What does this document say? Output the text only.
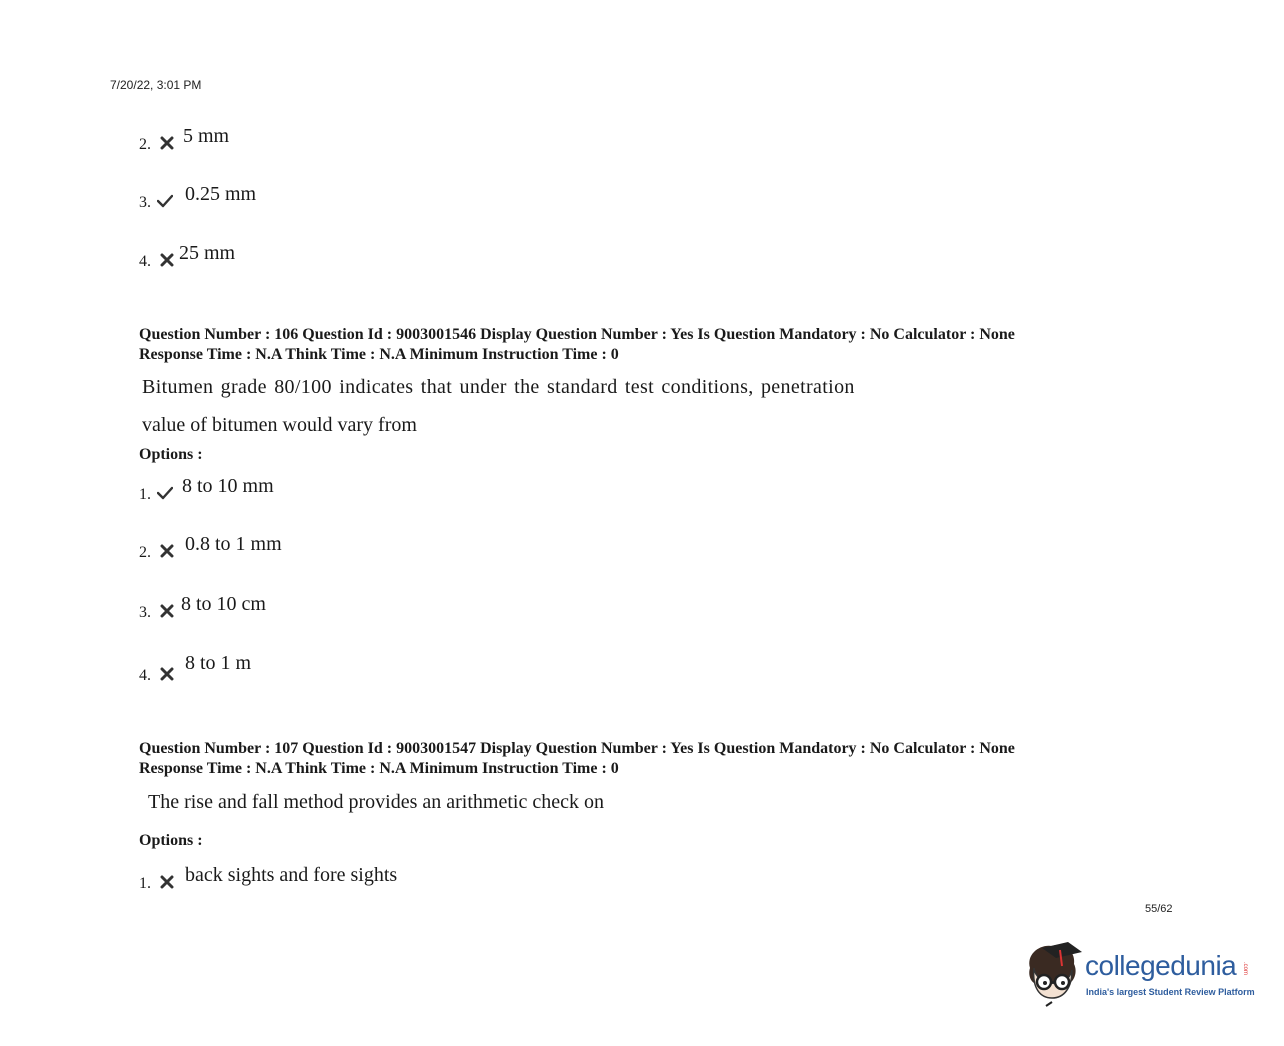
7/20/22, 3:01 PM
2. 5 mm
3. 0.25 mm
4. 25 mm
Question Number : 106 Question Id : 9003001546 Display Question Number : Yes Is Question Mandatory : No Calculator : None
Response Time : N.A Think Time : N.A Minimum Instruction Time : 0
Bitumen grade 80/100 indicates that under the standard test conditions, penetration
value of bitumen would vary from
Options :
1. 8 to 10 mm
2. 0.8 to 1 mm
3. 8 to 10 cm
4.
8 to 1 m
Question Number : 107 Question Id : 9003001547 Display Question Number : Yes Is Question Mandatory : No Calculator : None
Response Time : N.A Think Time : N.A Minimum Instruction Time : 0
The rise and fall method provides an arithmetic check on
Options :
1. back sights and fore sights
55/62
collegedunia .com
India's largest Student Review Platform
